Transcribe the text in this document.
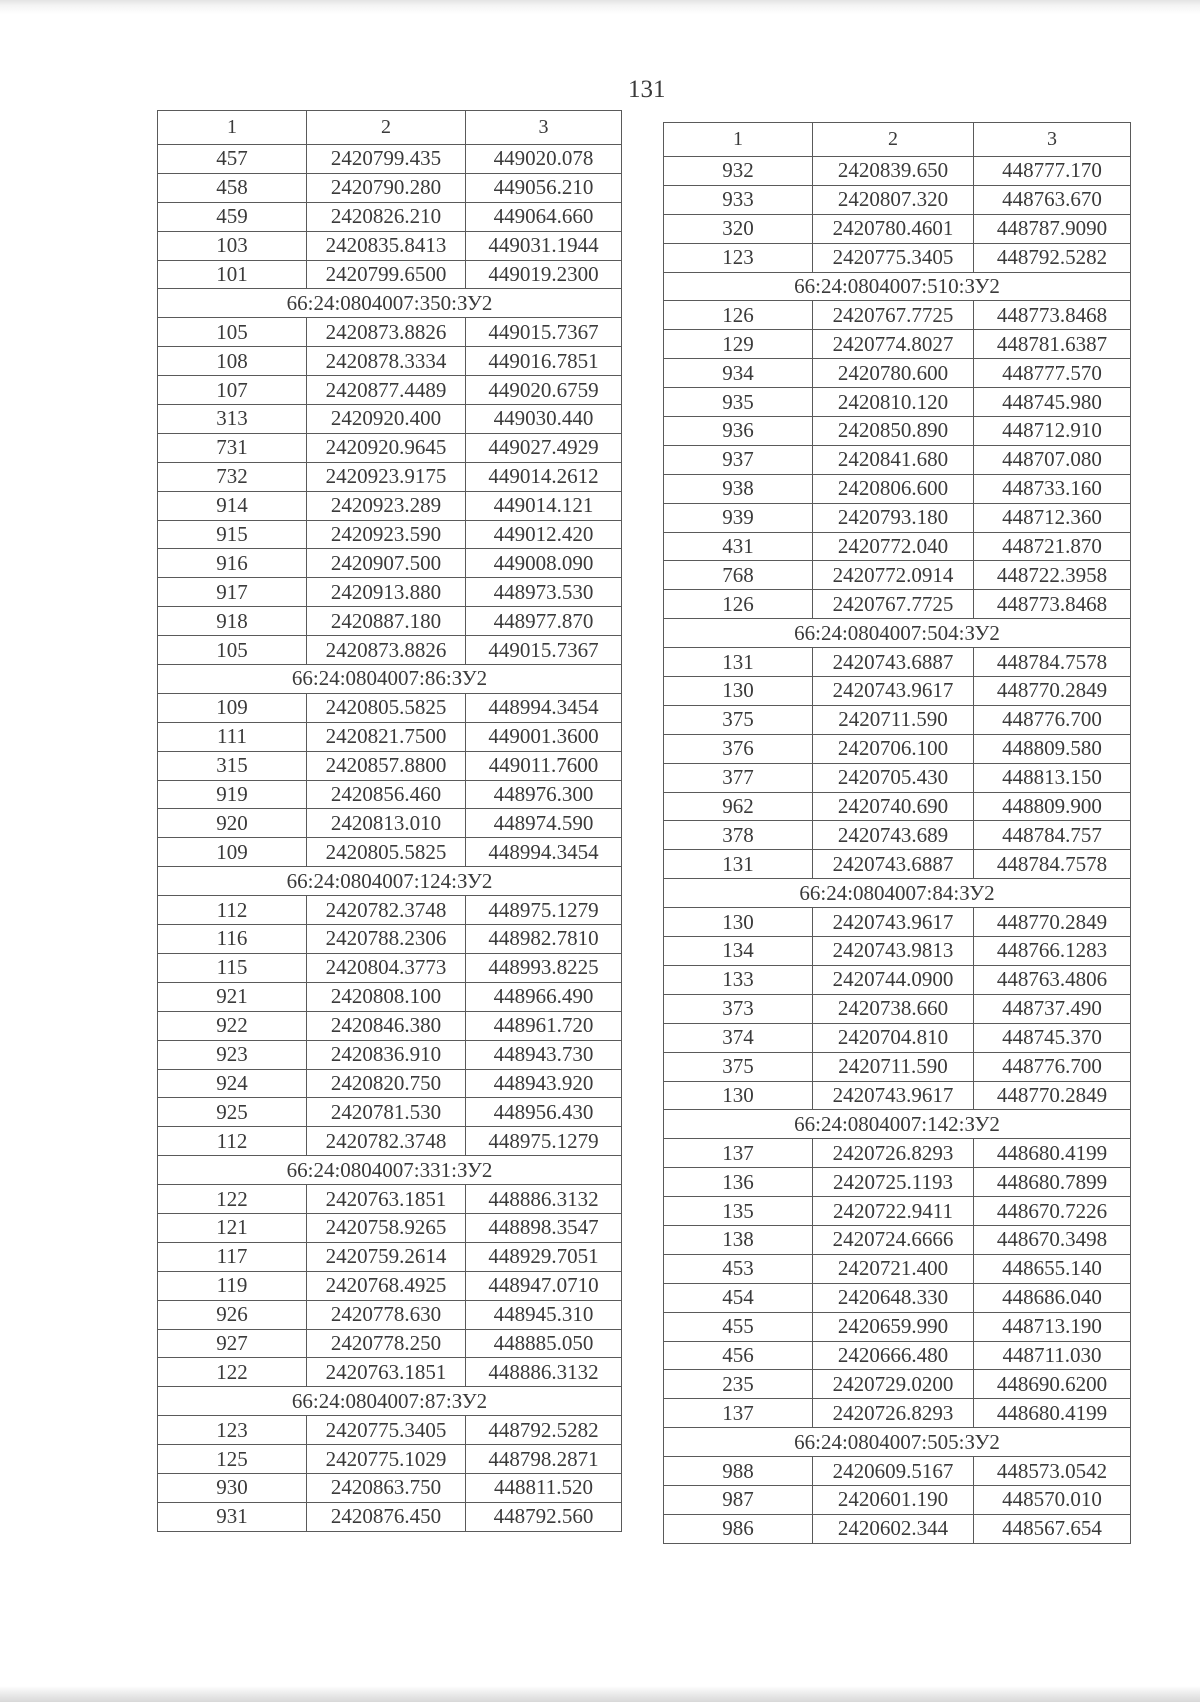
131
1	2	3
457	2420799.435	449020.078
458	2420790.280	449056.210
459	2420826.210	449064.660
103	2420835.8413	449031.1944
101	2420799.6500	449019.2300
66:24:0804007:350:ЗУ2		
105	2420873.8826	449015.7367
108	2420878.3334	449016.7851
107	2420877.4489	449020.6759
313	2420920.400	449030.440
731	2420920.9645	449027.4929
732	2420923.9175	449014.2612
914	2420923.289	449014.121
915	2420923.590	449012.420
916	2420907.500	449008.090
917	2420913.880	448973.530
918	2420887.180	448977.870
105	2420873.8826	449015.7367
66:24:0804007:86:ЗУ2		
109	2420805.5825	448994.3454
111	2420821.7500	449001.3600
315	2420857.8800	449011.7600
919	2420856.460	448976.300
920	2420813.010	448974.590
109	2420805.5825	448994.3454
66:24:0804007:124:ЗУ2		
112	2420782.3748	448975.1279
116	2420788.2306	448982.7810
115	2420804.3773	448993.8225
921	2420808.100	448966.490
922	2420846.380	448961.720
923	2420836.910	448943.730
924	2420820.750	448943.920
925	2420781.530	448956.430
112	2420782.3748	448975.1279
66:24:0804007:331:ЗУ2		
122	2420763.1851	448886.3132
121	2420758.9265	448898.3547
117	2420759.2614	448929.7051
119	2420768.4925	448947.0710
926	2420778.630	448945.310
927	2420778.250	448885.050
122	2420763.1851	448886.3132
66:24:0804007:87:ЗУ2		
123	2420775.3405	448792.5282
125	2420775.1029	448798.2871
930	2420863.750	448811.520
931	2420876.450	448792.560
1	2	3
932	2420839.650	448777.170
933	2420807.320	448763.670
320	2420780.4601	448787.9090
123	2420775.3405	448792.5282
66:24:0804007:510:ЗУ2		
126	2420767.7725	448773.8468
129	2420774.8027	448781.6387
934	2420780.600	448777.570
935	2420810.120	448745.980
936	2420850.890	448712.910
937	2420841.680	448707.080
938	2420806.600	448733.160
939	2420793.180	448712.360
431	2420772.040	448721.870
768	2420772.0914	448722.3958
126	2420767.7725	448773.8468
66:24:0804007:504:ЗУ2		
131	2420743.6887	448784.7578
130	2420743.9617	448770.2849
375	2420711.590	448776.700
376	2420706.100	448809.580
377	2420705.430	448813.150
962	2420740.690	448809.900
378	2420743.689	448784.757
131	2420743.6887	448784.7578
66:24:0804007:84:ЗУ2		
130	2420743.9617	448770.2849
134	2420743.9813	448766.1283
133	2420744.0900	448763.4806
373	2420738.660	448737.490
374	2420704.810	448745.370
375	2420711.590	448776.700
130	2420743.9617	448770.2849
66:24:0804007:142:ЗУ2		
137	2420726.8293	448680.4199
136	2420725.1193	448680.7899
135	2420722.9411	448670.7226
138	2420724.6666	448670.3498
453	2420721.400	448655.140
454	2420648.330	448686.040
455	2420659.990	448713.190
456	2420666.480	448711.030
235	2420729.0200	448690.6200
137	2420726.8293	448680.4199
66:24:0804007:505:ЗУ2		
988	2420609.5167	448573.0542
987	2420601.190	448570.010
986	2420602.344	448567.654
